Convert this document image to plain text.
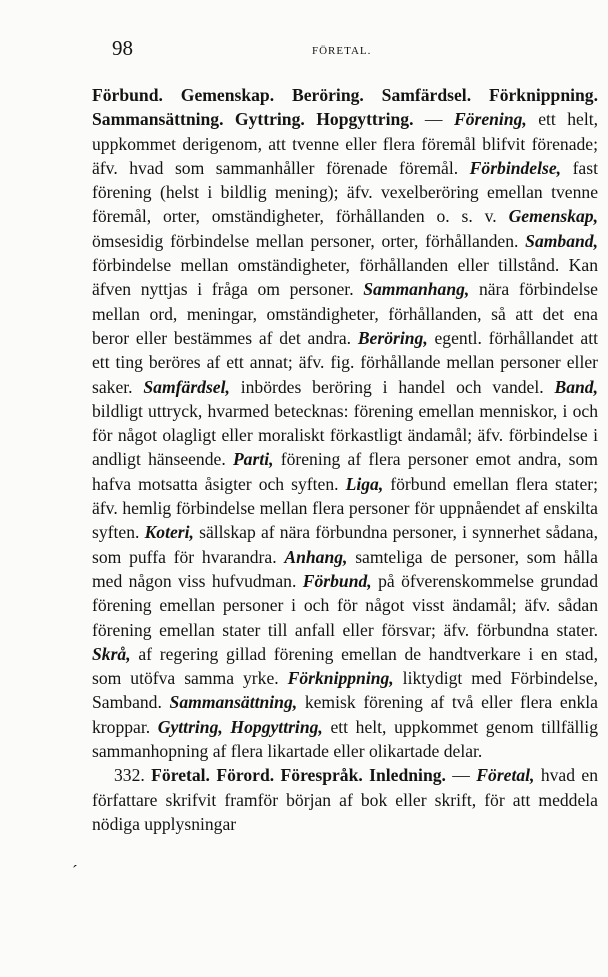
98	FÖRETAL.
ˊ

Förbund. Gemenskap. Beröring. Samfärdsel. Förknippning. Sammansättning. Gyttring. Hopgyttring. — Förening, ett helt, uppkommet derigenom, att tvenne eller flera föremål blifvit förenade; äfv. hvad som sammanhåller förenade föremål. Förbindelse, fast förening (helst i bildlig mening); äfv. vexelberöring emellan tvenne föremål, orter, omständigheter, förhållanden o. s. v. Gemenskap, ömsesidig förbindelse mellan personer, orter, förhållanden. Samband, förbindelse mellan omständigheter, förhållanden eller tillstånd. Kan äfven nyttjas i fråga om personer. Sammanhang, nära förbindelse mellan ord, meningar, omständigheter, förhållanden, så att det ena beror eller bestämmes af det andra. Beröring, egentl. förhållandet att ett ting beröres af ett annat; äfv. fig. förhållande mellan personer eller saker. Samfärdsel, inbördes beröring i handel och vandel. Band, bildligt uttryck, hvarmed betecknas: förening emellan menniskor, i och för något olagligt eller moraliskt förkastligt ändamål; äfv. förbindelse i andligt hänseende. Parti, förening af flera personer emot andra, som hafva motsatta åsigter och syften. Liga, förbund emellan flera stater; äfv. hemlig förbindelse mellan flera personer för uppnåendet af enskilta syften. Koteri, sällskap af nära förbundna personer, i synnerhet sådana, som puffa för hvarandra. Anhang, samteliga de personer, som hålla med någon viss hufvudman. Förbund, på öfverenskommelse grundad förening emellan personer i och för något visst ändamål; äfv. sådan förening emellan stater till anfall eller försvar; äfv. förbundna stater. Skrå, af regering gillad förening emellan de handtverkare i en stad, som utöfva samma yrke. Förknippning, liktydigt med Förbindelse, Samband. Sammansättning, kemisk förening af två eller flera enkla kroppar. Gyttring, Hopgyttring, ett helt, uppkommet genom tillfällig sammanhopning af flera likartade eller olikartade delar.

332. Företal. Förord. Förespråk. Inledning. — Företal, hvad en författare skrifvit framför början af bok eller skrift, för att meddela nödiga upplysningar
